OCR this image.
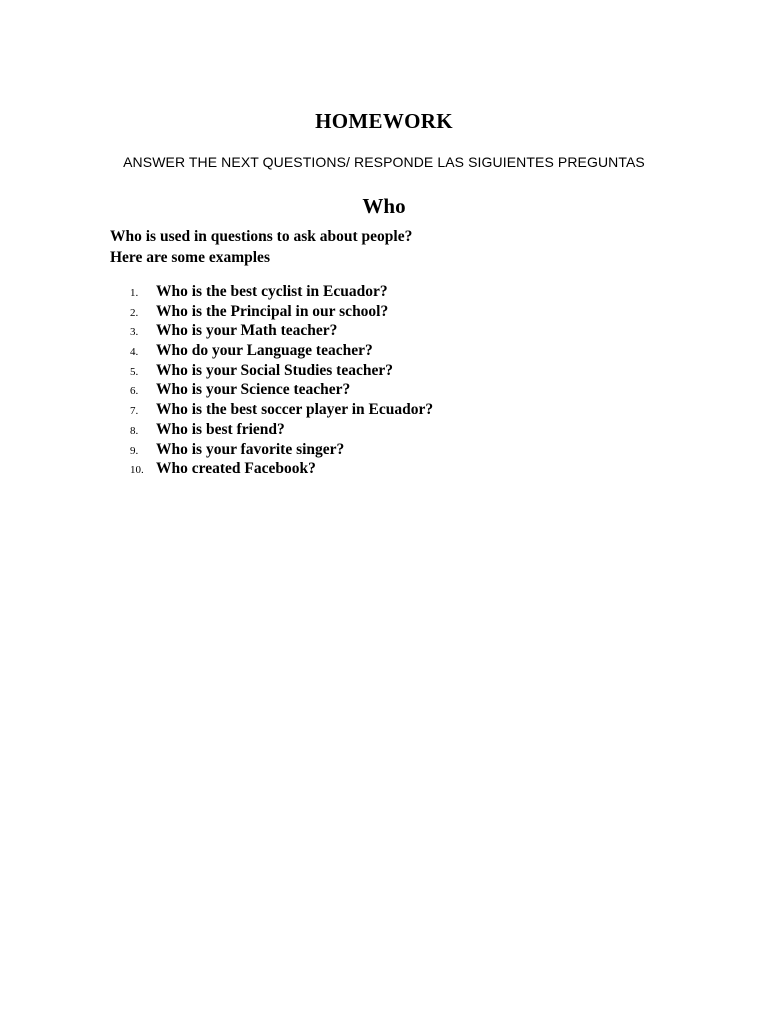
HOMEWORK
ANSWER THE NEXT QUESTIONS/ RESPONDE LAS SIGUIENTES PREGUNTAS
Who
Who is used in questions to ask about people?
Here are some examples
1.	Who is the best cyclist in Ecuador?
2.	Who is the Principal in our school?
3.	Who is your Math teacher?
4.	Who do your Language teacher?
5.	Who is your Social Studies teacher?
6.	Who is your Science teacher?
7.	Who is the best soccer player in Ecuador?
8.	Who is best friend?
9.	Who is your favorite singer?
10. Who created Facebook?
